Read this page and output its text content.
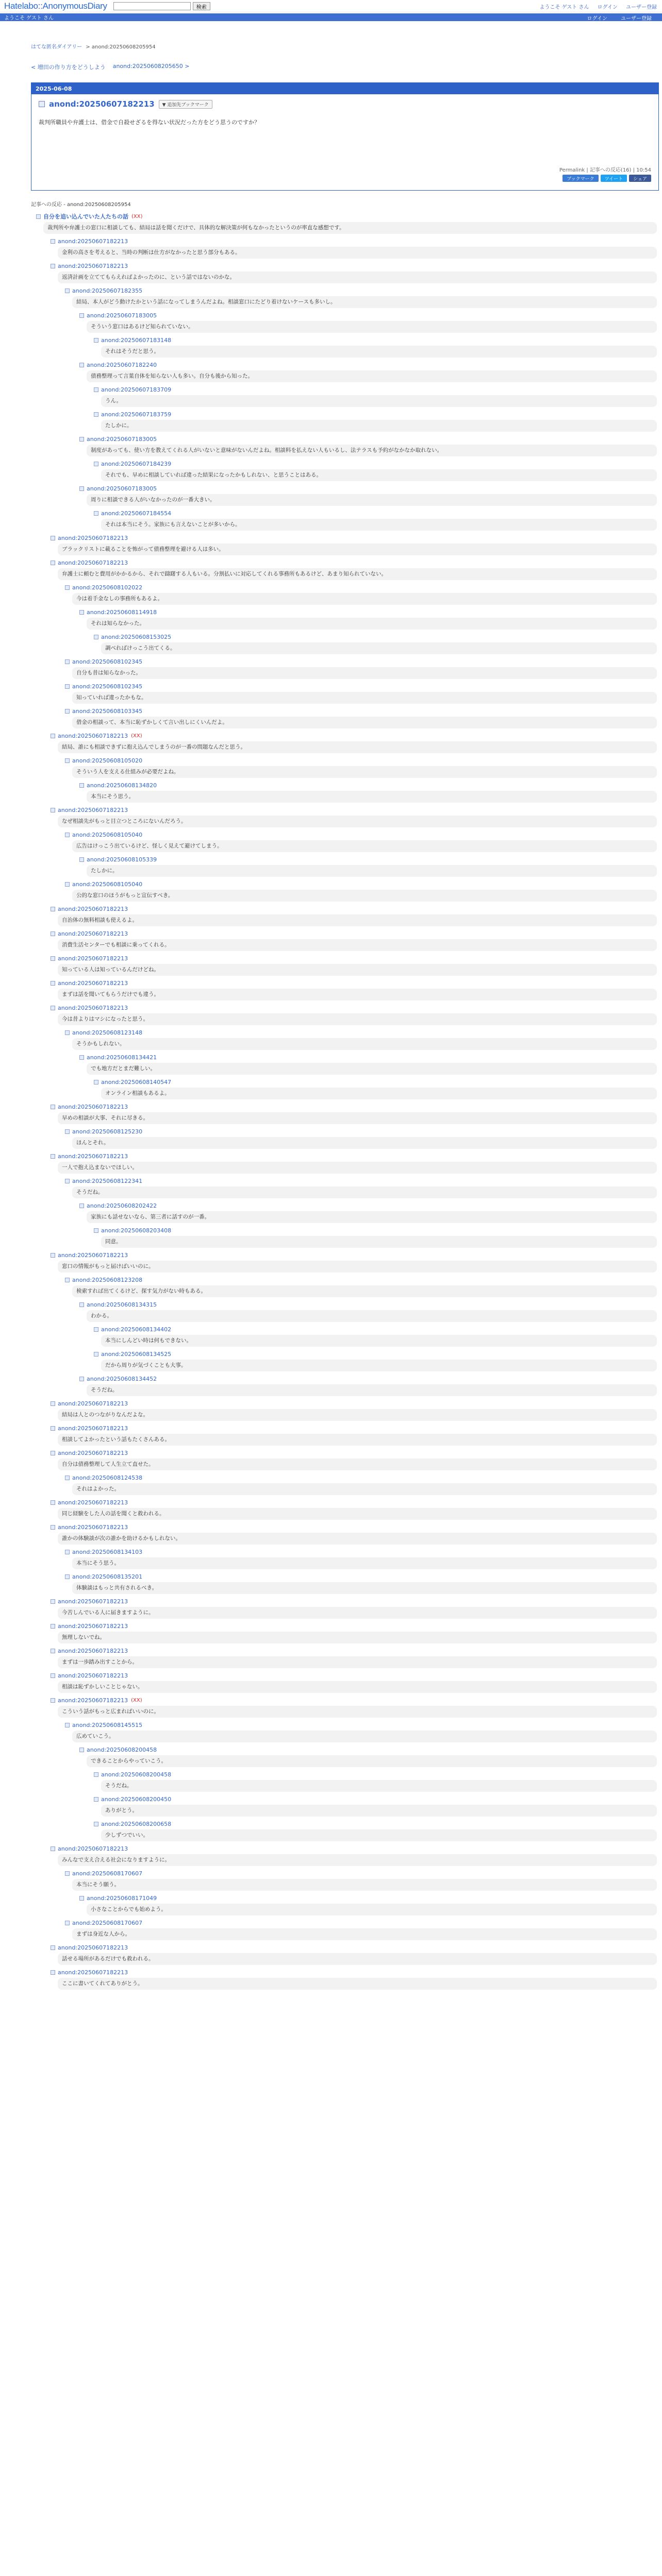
Hatelabo::AnonymousDiary	検索	ようこそ ゲスト さん ログイン ユーザー登録
ようこそ ゲスト さん	ログイン	ユーザー登録
はてな匿名ダイアリー > anond:20250608205954
< 増田の作り方をどうしよう anond:20250608205650 >
2025-06-08
anond:20250607182213	▼ 追加先ブックマーク
裁判所職員や弁護士は、借金で自殺せざるを得ない状況だった方をどう思うのですか？
Permalink | 記事への反応(16) | 10:54
ブックマーク	ツイート	シェア
記事への反応 - anond:20250608205954
自分を追い込んでいた人たちの話 (XX)
裁判所や弁護士の窓口に相談しても、結局は話を聞くだけで、具体的な解決策が何もなかったというのが率直な感想です。
anond:20250607182213
金利の高さを考えると、当時の判断は仕方がなかったと思う部分もある。
anond:20250607182213
返済計画を立ててもらえればよかったのに、という話ではないのかな。
anond:20250607182355
結局、本人がどう動けたかという話になってしまうんだよね。相談窓口にたどり着けないケースも多いし。
anond:20250607183005
そういう窓口はあるけど知られていない。
anond:20250607183148
それはそうだと思う。
anond:20250607182240
債務整理って言葉自体を知らない人も多い。自分も後から知った。
anond:20250607183709
うん。
anond:20250607183759
たしかに。
anond:20250607183005
制度があっても、使い方を教えてくれる人がいないと意味がないんだよね。相談料を払えない人もいるし、法テラスも予約がなかなか取れない。
anond:20250607184239
それでも、早めに相談していれば違った結果になったかもしれない、と思うことはある。
anond:20250607183005
周りに相談できる人がいなかったのが一番大きい。
anond:20250607184554
それは本当にそう。家族にも言えないことが多いから。
anond:20250607182213
ブラックリストに載ることを怖がって債務整理を避ける人は多い。
anond:20250607182213
弁護士に頼むと費用がかかるから、それで躊躇する人もいる。分割払いに対応してくれる事務所もあるけど、あまり知られていない。
anond:20250608102022
今は着手金なしの事務所もあるよ。
anond:20250608114918
それは知らなかった。
anond:20250608153025
調べればけっこう出てくる。
anond:20250608102345
自分も昔は知らなかった。
anond:20250608102345
知っていれば違ったかもな。
anond:20250608103345
借金の相談って、本当に恥ずかしくて言い出しにくいんだよ。
anond:20250607182213 (XX)
結局、誰にも相談できずに抱え込んでしまうのが一番の問題なんだと思う。
anond:20250608105020
そういう人を支える仕組みが必要だよね。
anond:20250608134820
本当にそう思う。
anond:20250607182213
なぜ相談先がもっと目立つところにないんだろう。
anond:20250608105040
広告はけっこう出ているけど、怪しく見えて避けてしまう。
anond:20250608105339
たしかに。
anond:20250608105040
公的な窓口のほうがもっと宣伝すべき。
anond:20250607182213
自治体の無料相談も使えるよ。
anond:20250607182213
消費生活センターでも相談に乗ってくれる。
anond:20250607182213
知っている人は知っているんだけどね。
anond:20250607182213
まずは話を聞いてもらうだけでも違う。
anond:20250607182213
今は昔よりはマシになったと思う。
anond:20250608123148
そうかもしれない。
anond:20250608134421
でも地方だとまだ難しい。
anond:20250608140547
オンライン相談もあるよ。
anond:20250607182213
早めの相談が大事、それに尽きる。
anond:20250608125230
ほんとそれ。
anond:20250607182213
一人で抱え込まないでほしい。
anond:20250608122341
そうだね。
anond:20250608202422
家族にも話せないなら、第三者に話すのが一番。
anond:20250608203408
同意。
anond:20250607182213
窓口の情報がもっと届けばいいのに。
anond:20250608123208
検索すれば出てくるけど、探す気力がない時もある。
anond:20250608134315
わかる。
anond:20250608134402
本当にしんどい時は何もできない。
anond:20250608134525
だから周りが気づくことも大事。
anond:20250608134452
そうだね。
anond:20250607182213
結局は人とのつながりなんだよな。
anond:20250607182213
相談してよかったという話もたくさんある。
anond:20250607182213
自分は債務整理して人生立て直せた。
anond:20250608124538
それはよかった。
anond:20250607182213
同じ経験をした人の話を聞くと救われる。
anond:20250607182213
誰かの体験談が次の誰かを助けるかもしれない。
anond:20250608134103
本当にそう思う。
anond:20250608135201
体験談はもっと共有されるべき。
anond:20250607182213
今苦しんでいる人に届きますように。
anond:20250607182213
無理しないでね。
anond:20250607182213
まずは一歩踏み出すことから。
anond:20250607182213
相談は恥ずかしいことじゃない。
anond:20250607182213 (XX)
こういう話がもっと広まればいいのに。
anond:20250608145515
広めていこう。
anond:20250608200458
できることからやっていこう。
anond:20250608200458
そうだね。
anond:20250608200450
ありがとう。
anond:20250608200658
少しずつでいい。
anond:20250607182213
みんなで支え合える社会になりますように。
anond:20250608170607
本当にそう願う。
anond:20250608171049
小さなことからでも始めよう。
anond:20250608170607
まずは身近な人から。
anond:20250607182213
話せる場所があるだけでも救われる。
anond:20250607182213
ここに書いてくれてありがとう。
